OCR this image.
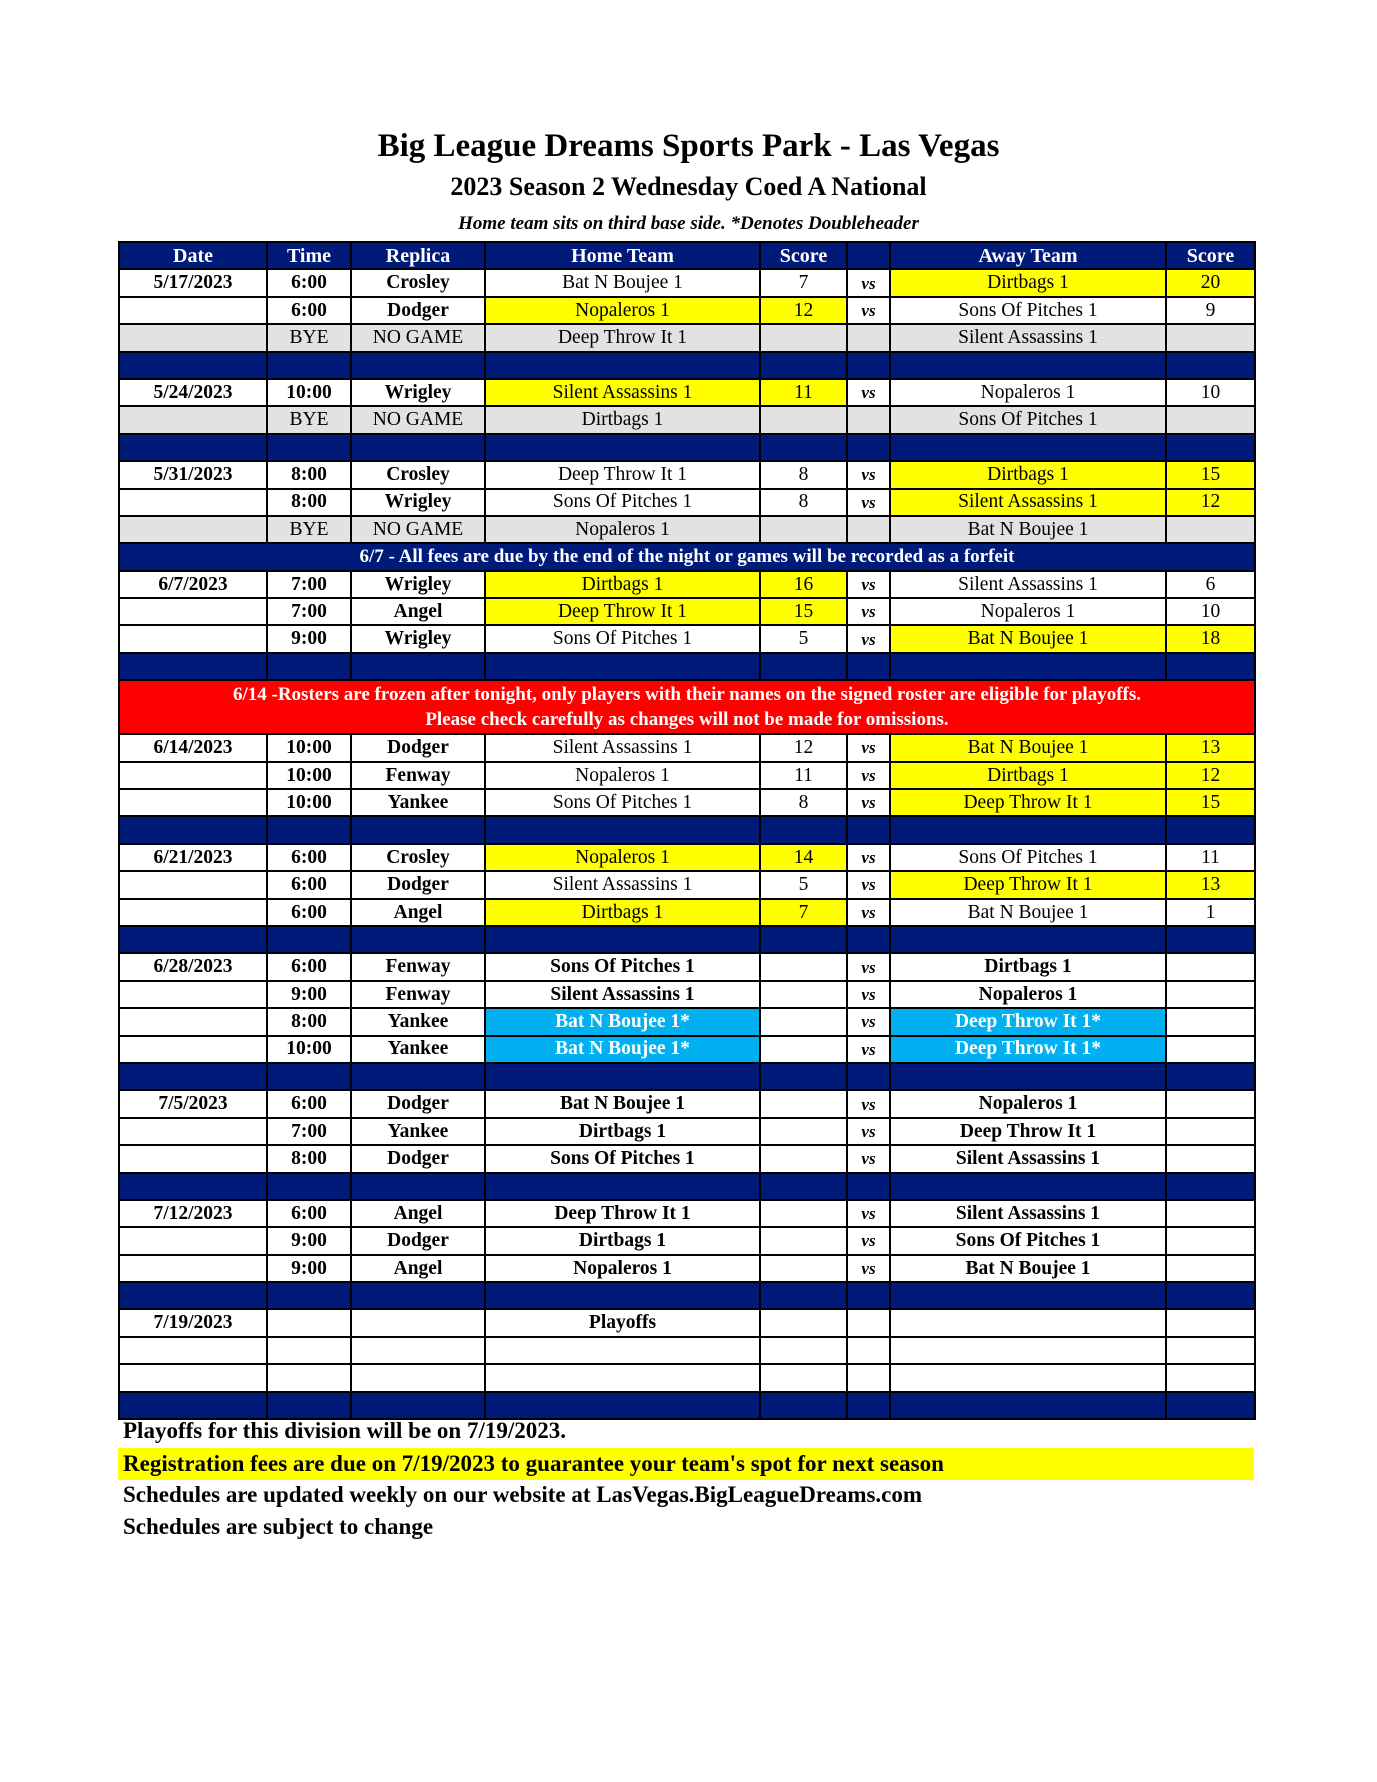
Big League Dreams Sports Park - Las Vegas
2023 Season 2 Wednesday Coed A National
Home team sits on third base side. *Denotes Doubleheader
Date	Time	Replica	Home Team	Score		Away Team	Score
5/17/2023	6:00	Crosley	Bat N Boujee 1	7	vs	Dirtbags 1	20
	6:00	Dodger	Nopaleros 1	12	vs	Sons Of Pitches 1	9
	BYE	NO GAME	Deep Throw It 1			Silent Assassins 1	

5/24/2023	10:00	Wrigley	Silent Assassins 1	11	vs	Nopaleros 1	10
	BYE	NO GAME	Dirtbags 1			Sons Of Pitches 1	

5/31/2023	8:00	Crosley	Deep Throw It 1	8	vs	Dirtbags 1	15
	8:00	Wrigley	Sons Of Pitches 1	8	vs	Silent Assassins 1	12
	BYE	NO GAME	Nopaleros 1			Bat N Boujee 1	
6/7 - All fees are due by the end of the night or games will be recorded as a forfeit							
6/7/2023	7:00	Wrigley	Dirtbags 1	16	vs	Silent Assassins 1	6
	7:00	Angel	Deep Throw It 1	15	vs	Nopaleros 1	10
	9:00	Wrigley	Sons Of Pitches 1	5	vs	Bat N Boujee 1	18

6/14 -Rosters are frozen after tonight, only players with their names on the signed roster are eligible for playoffs.
Please check carefully as changes will not be made for omissions.							

6/14/2023	10:00	Dodger	Silent Assassins 1	12	vs	Bat N Boujee 1	13
	10:00	Fenway	Nopaleros 1	11	vs	Dirtbags 1	12
	10:00	Yankee	Sons Of Pitches 1	8	vs	Deep Throw It 1	15

6/21/2023	6:00	Crosley	Nopaleros 1	14	vs	Sons Of Pitches 1	11
	6:00	Dodger	Silent Assassins 1	5	vs	Deep Throw It 1	13
	6:00	Angel	Dirtbags 1	7	vs	Bat N Boujee 1	1

6/28/2023	6:00	Fenway	Sons Of Pitches 1		vs	Dirtbags 1	
	9:00	Fenway	Silent Assassins 1		vs	Nopaleros 1	
	8:00	Yankee	Bat N Boujee 1*		vs	Deep Throw It 1*	
	10:00	Yankee	Bat N Boujee 1*		vs	Deep Throw It 1*	

7/5/2023	6:00	Dodger	Bat N Boujee 1		vs	Nopaleros 1	
	7:00	Yankee	Dirtbags 1		vs	Deep Throw It 1	
	8:00	Dodger	Sons Of Pitches 1		vs	Silent Assassins 1	

7/12/2023	6:00	Angel	Deep Throw It 1		vs	Silent Assassins 1	
	9:00	Dodger	Dirtbags 1		vs	Sons Of Pitches 1	
	9:00	Angel	Nopaleros 1		vs	Bat N Boujee 1	

7/19/2023			Playoffs				

Playoffs for this division will be on 7/19/2023.
Registration fees are due on 7/19/2023 to guarantee your team's spot for next season
Schedules are updated weekly on our website at LasVegas.BigLeagueDreams.com
Schedules are subject to change
